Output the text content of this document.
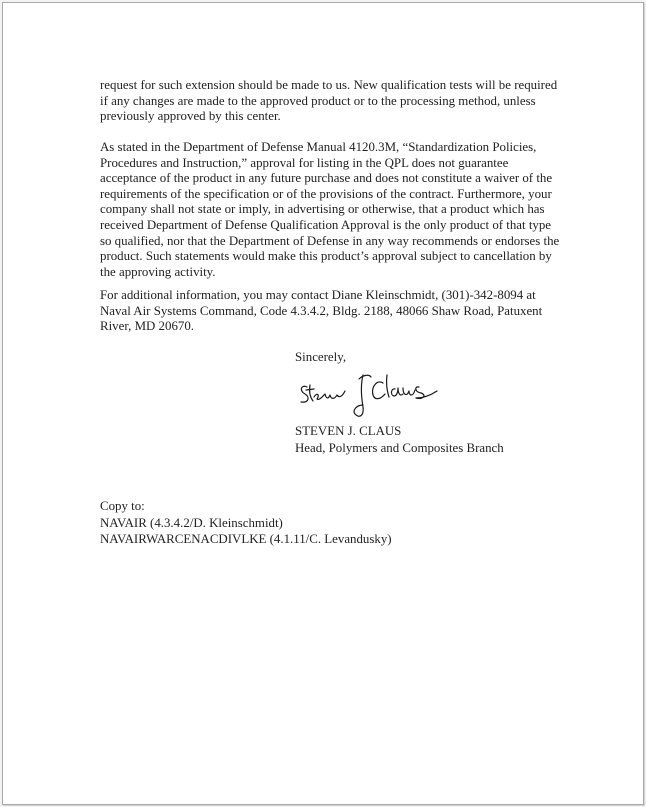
request for such extension should be made to us. New qualification tests will be required
if any changes are made to the approved product or to the processing method, unless
previously approved by this center.
As stated in the Department of Defense Manual 4120.3M, “Standardization Policies,
Procedures and Instruction,” approval for listing in the QPL does not guarantee
acceptance of the product in any future purchase and does not constitute a waiver of the
requirements of the specification or of the provisions of the contract. Furthermore, your
company shall not state or imply, in advertising or otherwise, that a product which has
received Department of Defense Qualification Approval is the only product of that type
so qualified, nor that the Department of Defense in any way recommends or endorses the
product. Such statements would make this product’s approval subject to cancellation by
the approving activity.
For additional information, you may contact Diane Kleinschmidt, (301)-342-8094 at
Naval Air Systems Command, Code 4.3.4.2, Bldg. 2188, 48066 Shaw Road, Patuxent
River, MD 20670.
Sincerely,
STEVEN J. CLAUS
Head, Polymers and Composites Branch
Copy to:
NAVAIR (4.3.4.2/D. Kleinschmidt)
NAVAIRWARCENACDIVLKE (4.1.11/C. Levandusky)
